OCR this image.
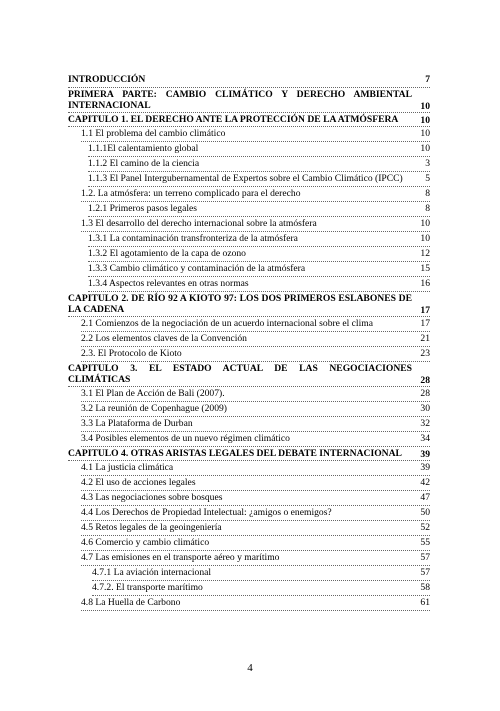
INTRODUCCIÓN	7
PRIMERA PARTE: CAMBIO CLIMÁTICO Y DERECHO AMBIENTAL INTERNACIONAL	10
CAPITULO 1. EL DERECHO ANTE LA PROTECCIÓN DE LA ATMÓSFERA 10
1.1 El problema del cambio climático	10
1.1.1El calentamiento global	10
1.1.2 El camino de la ciencia	3
1.1.3 El Panel Intergubernamental de Expertos sobre el Cambio Climático (IPCC) 5
1.2. La atmósfera: un terreno complicado para el derecho	8
1.2.1 Primeros pasos legales	8
1.3 El desarrollo del derecho internacional sobre la atmósfera	10
1.3.1 La contaminación transfronteriza de la atmósfera	10
1.3.2 El agotamiento de la capa de ozono	12
1.3.3 Cambio climático y contaminación de la atmósfera	15
1.3.4 Aspectos relevantes en otras normas	16
CAPITULO 2. DE RÍO 92 A KIOTO 97: LOS DOS PRIMEROS ESLABONES DE LA CADENA	17
2.1 Comienzos de la negociación de un acuerdo internacional sobre el clima	17
2.2 Los elementos claves de la Convención	21
2.3. El Protocolo de Kioto	23
CAPITULO 3. EL ESTADO ACTUAL DE LAS NEGOCIACIONES CLIMÁTICAS	28
3.1 El Plan de Acción de Bali (2007).	28
3.2 La reunión de Copenhague (2009)	30
3.3 La Plataforma de Durban	32
3.4 Posibles elementos de un nuevo régimen climático	34
CAPITULO 4. OTRAS ARISTAS LEGALES DEL DEBATE INTERNACIONAL 39
4.1 La justicia climática	39
4.2 El uso de acciones legales	42
4.3 Las negociaciones sobre bosques	47
4.4 Los Derechos de Propiedad Intelectual: ¿amigos o enemigos?	50
4.5 Retos legales de la geoingeniería	52
4.6 Comercio y cambio climático	55
4.7 Las emisiones en el transporte aéreo y marítimo	57
4.7.1 La aviación internacional	57
4.7.2. El transporte marítimo	58
4.8 La Huella de Carbono	61
4
